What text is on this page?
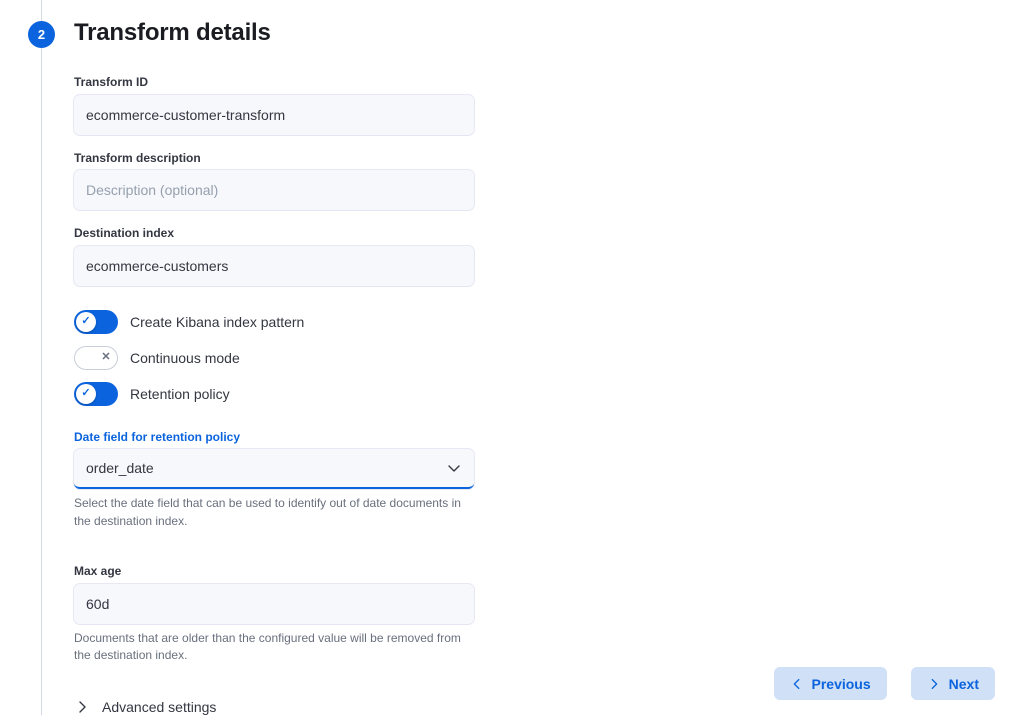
2	Transform details
Transform ID
ecommerce-customer-transform
Transform description
Description (optional)
Destination index
ecommerce-customers
✓	Create Kibana index pattern
✕ Continuous mode
✓	Retention policy
Date field for retention policy
order_date
Select the date field that can be used to identify out of date documents in the destination index.
Max age
60d
Documents that are older than the configured value will be removed from the destination index.
Advanced settings
Previous	Next
